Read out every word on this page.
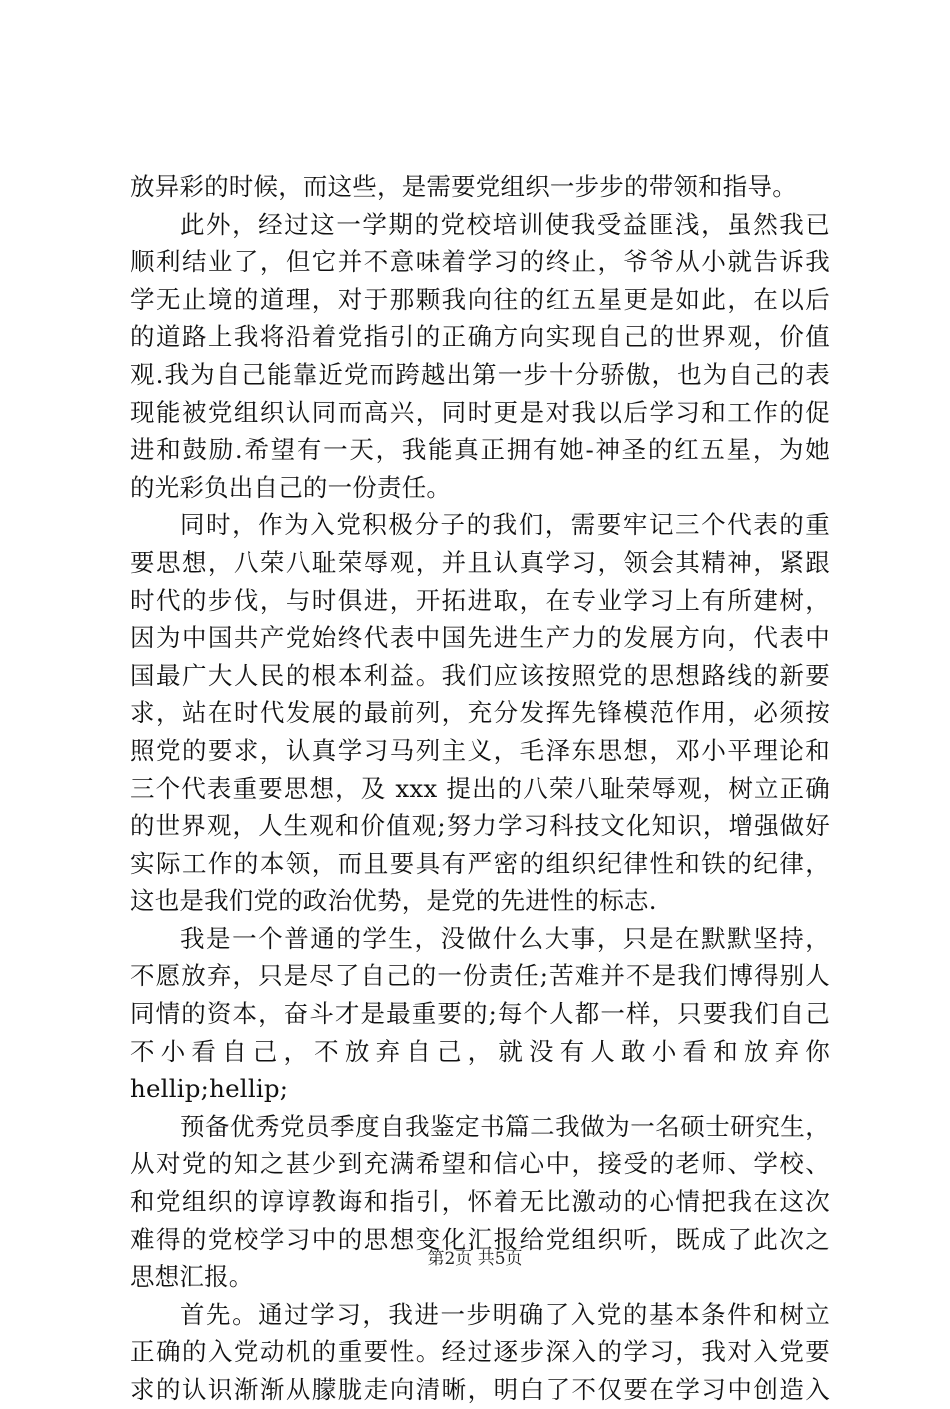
放异彩的时候，而这些，是需要党组织一步步的带领和指导。
此外，经过这一学期的党校培训使我受益匪浅，虽然我已
顺利结业了，但它并不意味着学习的终止，爷爷从小就告诉我
学无止境的道理，对于那颗我向往的红五星更是如此，在以后
的道路上我将沿着党指引的正确方向实现自己的世界观，价值
观.我为自己能靠近党而跨越出第一步十分骄傲，也为自己的表
现能被党组织认同而高兴，同时更是对我以后学习和工作的促
进和鼓励.希望有一天，我能真正拥有她-神圣的红五星，为她
的光彩负出自己的一份责任。
同时，作为入党积极分子的我们，需要牢记三个代表的重
要思想，八荣八耻荣辱观，并且认真学习，领会其精神，紧跟
时代的步伐，与时俱进，开拓进取，在专业学习上有所建树，
因为中国共产党始终代表中国先进生产力的发展方向，代表中
国最广大人民的根本利益。我们应该按照党的思想路线的新要
求，站在时代发展的最前列，充分发挥先锋模范作用，必须按
照党的要求，认真学习马列主义，毛泽东思想，邓小平理论和
三个代表重要思想，及 xxx 提出的八荣八耻荣辱观，树立正确
的世界观，人生观和价值观;努力学习科技文化知识，增强做好
实际工作的本领，而且要具有严密的组织纪律性和铁的纪律，
这也是我们党的政治优势，是党的先进性的标志.
我是一个普通的学生，没做什么大事，只是在默默坚持，
不愿放弃，只是尽了自己的一份责任;苦难并不是我们博得别人
同情的资本，奋斗才是最重要的;每个人都一样，只要我们自己
不小看自己，不放弃自己，就没有人敢小看和放弃你
hellip;hellip;
预备优秀党员季度自我鉴定书篇二我做为一名硕士研究生，
从对党的知之甚少到充满希望和信心中，接受的老师、学校、
和党组织的谆谆教诲和指引，怀着无比激动的心情把我在这次
难得的党校学习中的思想变化汇报给党组织听，既成了此次之
思想汇报。
首先。通过学习，我进一步明确了入党的基本条件和树立
正确的入党动机的重要性。经过逐步深入的学习，我对入党要
求的认识渐渐从朦胧走向清晰，明白了不仅要在学习中创造入
第2页 共5页
